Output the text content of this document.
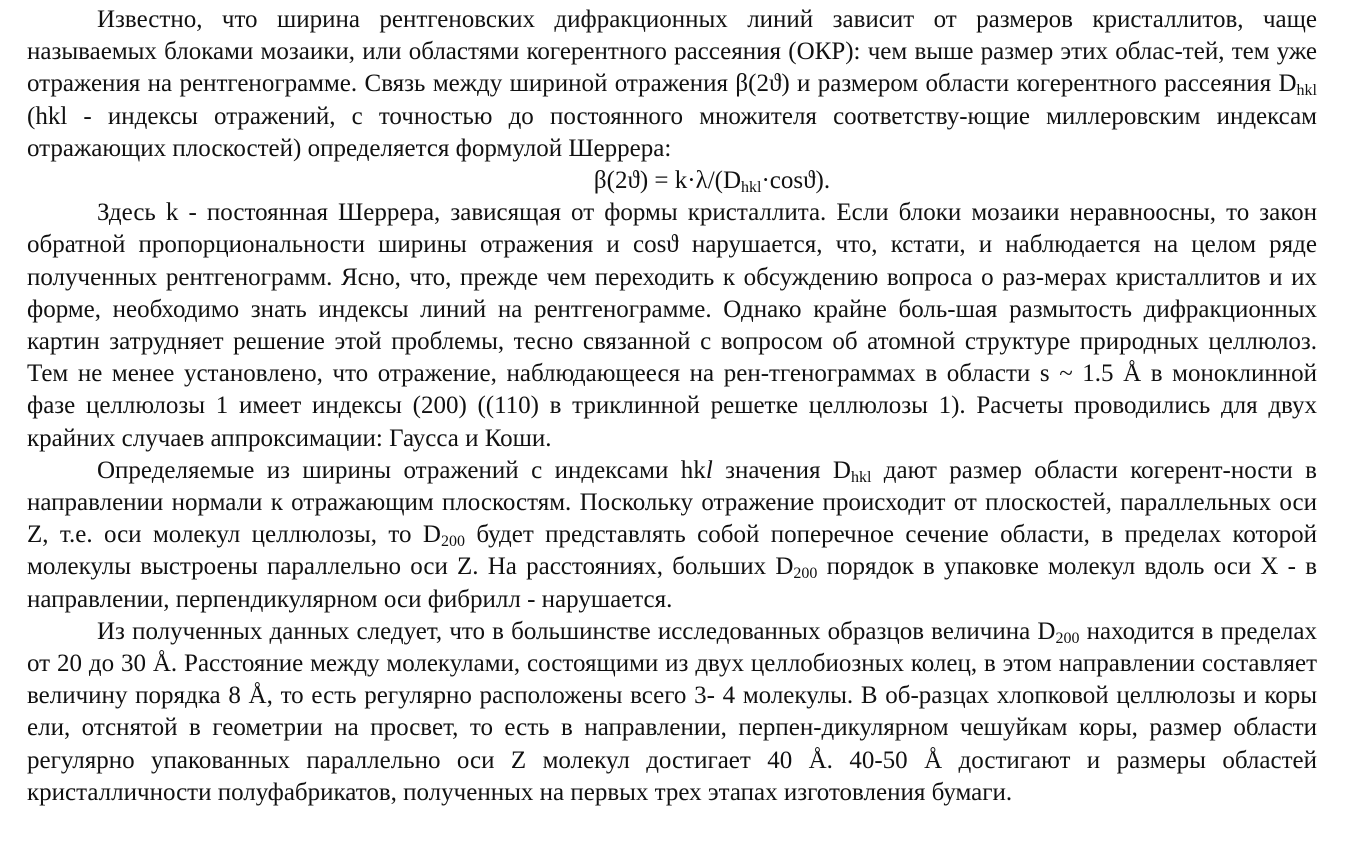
Известно, что ширина рентгеновских дифракционных линий зависит от размеров кристаллитов, чаще называемых блоками мозаики, или областями когерентного рассеяния (ОКР): чем выше размер этих облас-тей, тем уже отражения на рентгенограмме. Связь между шириной отражения β(2ϑ) и размером области когерентного рассеяния $D_{hkl}$ (hkl - индексы отражений, с точностью до постоянного множителя соответству-ющие миллеровским индексам отражающих плоскостей) определяется формулой Шеррера:

$\beta(2ϑ) = k\cdot\lambda/(D_{hkl}\cdot\cos ϑ)$.

Здесь k - постоянная Шеррера, зависящая от формы кристаллита. Если блоки мозаики неравноосны, то закон обратной пропорциональности ширины отражения и cosϑ нарушается, что, кстати, и наблюдается на целом ряде полученных рентгенограмм. Ясно, что, прежде чем переходить к обсуждению вопроса о раз-мерах кристаллитов и их форме, необходимо знать индексы линий на рентгенограмме. Однако крайне боль-шая размытость дифракционных картин затрудняет решение этой проблемы, тесно связанной с вопросом об атомной структуре природных целлюлоз. Тем не менее установлено, что отражение, наблюдающееся на рен-тгенограммах в области s ~ 1.5 Å в моноклинной фазе целлюлозы 1 имеет индексы (200) ((110) в триклинной решетке целлюлозы 1). Расчеты проводились для двух крайних случаев аппроксимации: Гаусса и Коши.

Определяемые из ширины отражений с индексами hkl значения $D_{hkl}$ дают размер области когерент-ности в направлении нормали к отражающим плоскостям. Поскольку отражение происходит от плоскостей, параллельных оси Z, т.е. оси молекул целлюлозы, то $D_{200}$ будет представлять собой поперечное сечение области, в пределах которой молекулы выстроены параллельно оси Z. На расстояниях, больших $D_{200}$ порядок в упаковке молекул вдоль оси X - в направлении, перпендикулярном оси фибрилл - нарушается.

Из полученных данных следует, что в большинстве исследованных образцов величина $D_{200}$ находится в пределах от 20 до 30 Å. Расстояние между молекулами, состоящими из двух целлобиозных колец, в этом направлении составляет величину порядка 8 Å, то есть регулярно расположены всего 3- 4 молекулы. В об-разцах хлопковой целлюлозы и коры ели, отснятой в геометрии на просвет, то есть в направлении, перпен-дикулярном чешуйкам коры, размер области регулярно упакованных параллельно оси Z молекул достигает 40 Å. 40-50 Å достигают и размеры областей кристалличности полуфабрикатов, полученных на первых трех этапах изготовления бумаги.
